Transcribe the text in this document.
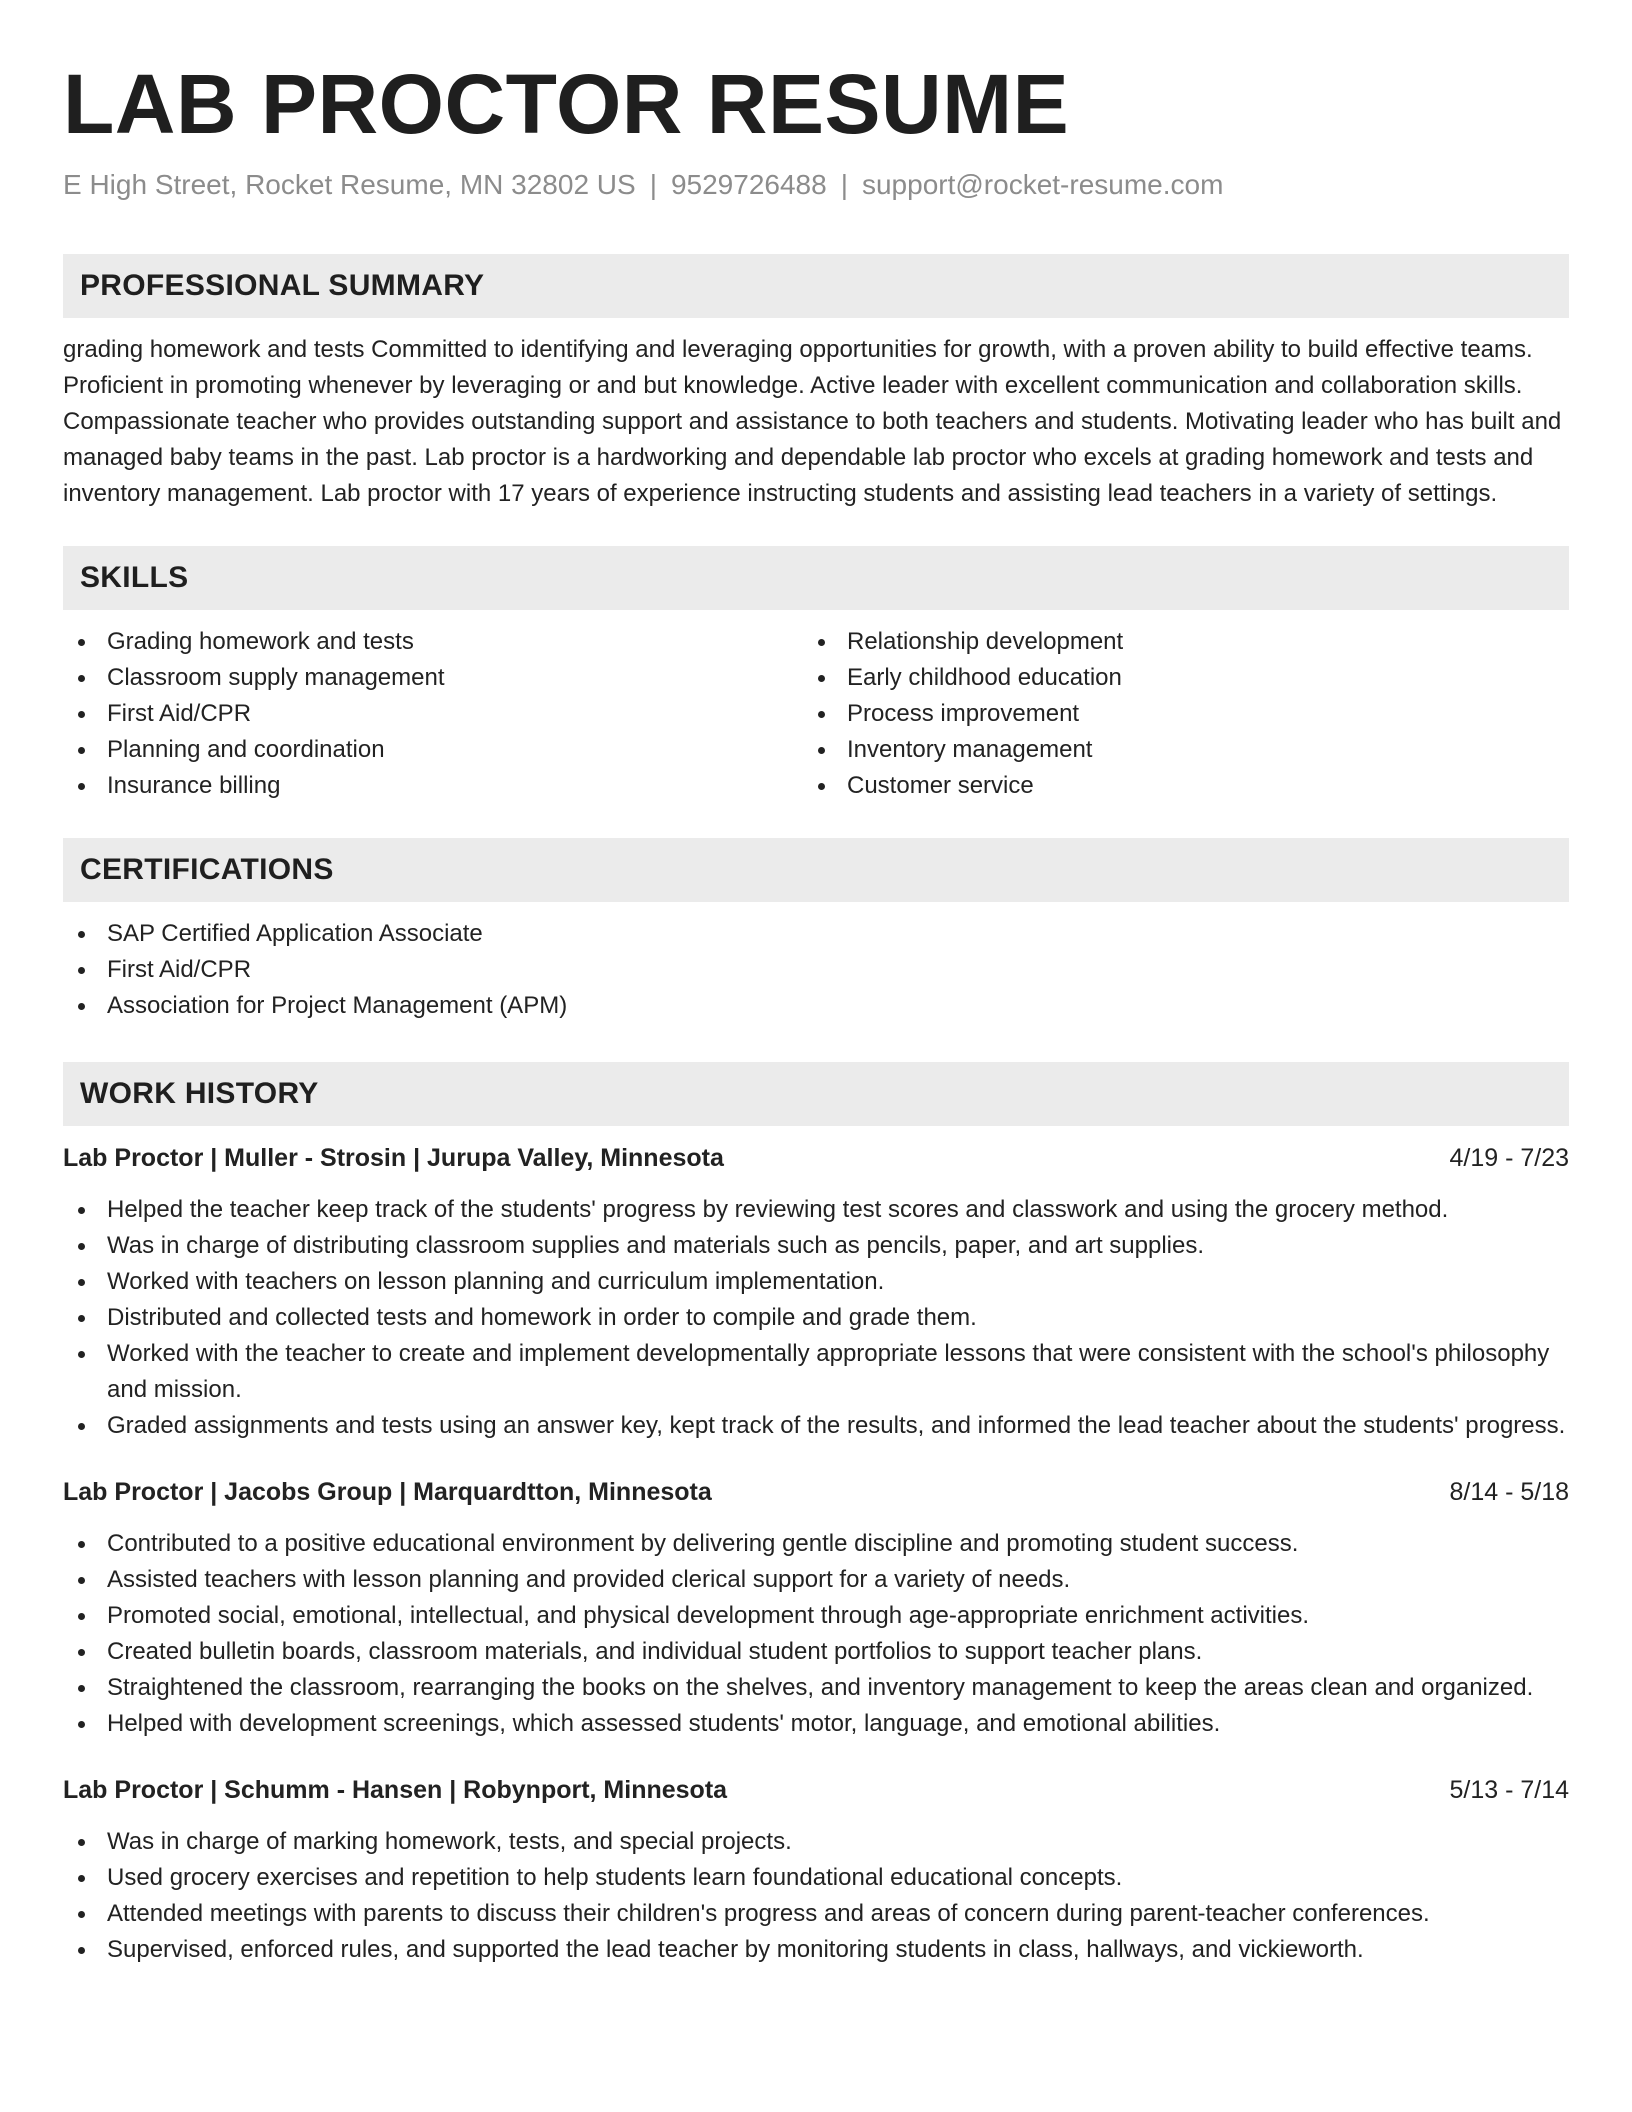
LAB PROCTOR RESUME
E High Street, Rocket Resume, MN 32802 US | 9529726488 | support@rocket-resume.com
PROFESSIONAL SUMMARY
grading homework and tests Committed to identifying and leveraging opportunities for growth, with a proven ability to build effective teams. Proficient in promoting whenever by leveraging or and but knowledge. Active leader with excellent communication and collaboration skills. Compassionate teacher who provides outstanding support and assistance to both teachers and students. Motivating leader who has built and managed baby teams in the past. Lab proctor is a hardworking and dependable lab proctor who excels at grading homework and tests and inventory management. Lab proctor with 17 years of experience instructing students and assisting lead teachers in a variety of settings.
SKILLS
Grading homework and tests
Classroom supply management
First Aid/CPR
Planning and coordination
Insurance billing
Relationship development
Early childhood education
Process improvement
Inventory management
Customer service
CERTIFICATIONS
SAP Certified Application Associate
First Aid/CPR
Association for Project Management (APM)
WORK HISTORY
Lab Proctor | Muller - Strosin | Jurupa Valley, Minnesota	4/19 - 7/23
Helped the teacher keep track of the students' progress by reviewing test scores and classwork and using the grocery method.
Was in charge of distributing classroom supplies and materials such as pencils, paper, and art supplies.
Worked with teachers on lesson planning and curriculum implementation.
Distributed and collected tests and homework in order to compile and grade them.
Worked with the teacher to create and implement developmentally appropriate lessons that were consistent with the school's philosophy and mission.
Graded assignments and tests using an answer key, kept track of the results, and informed the lead teacher about the students' progress.
Lab Proctor | Jacobs Group | Marquardtton, Minnesota	8/14 - 5/18
Contributed to a positive educational environment by delivering gentle discipline and promoting student success.
Assisted teachers with lesson planning and provided clerical support for a variety of needs.
Promoted social, emotional, intellectual, and physical development through age-appropriate enrichment activities.
Created bulletin boards, classroom materials, and individual student portfolios to support teacher plans.
Straightened the classroom, rearranging the books on the shelves, and inventory management to keep the areas clean and organized.
Helped with development screenings, which assessed students' motor, language, and emotional abilities.
Lab Proctor | Schumm - Hansen | Robynport, Minnesota	5/13 - 7/14
Was in charge of marking homework, tests, and special projects.
Used grocery exercises and repetition to help students learn foundational educational concepts.
Attended meetings with parents to discuss their children's progress and areas of concern during parent-teacher conferences.
Supervised, enforced rules, and supported the lead teacher by monitoring students in class, hallways, and vickieworth.
